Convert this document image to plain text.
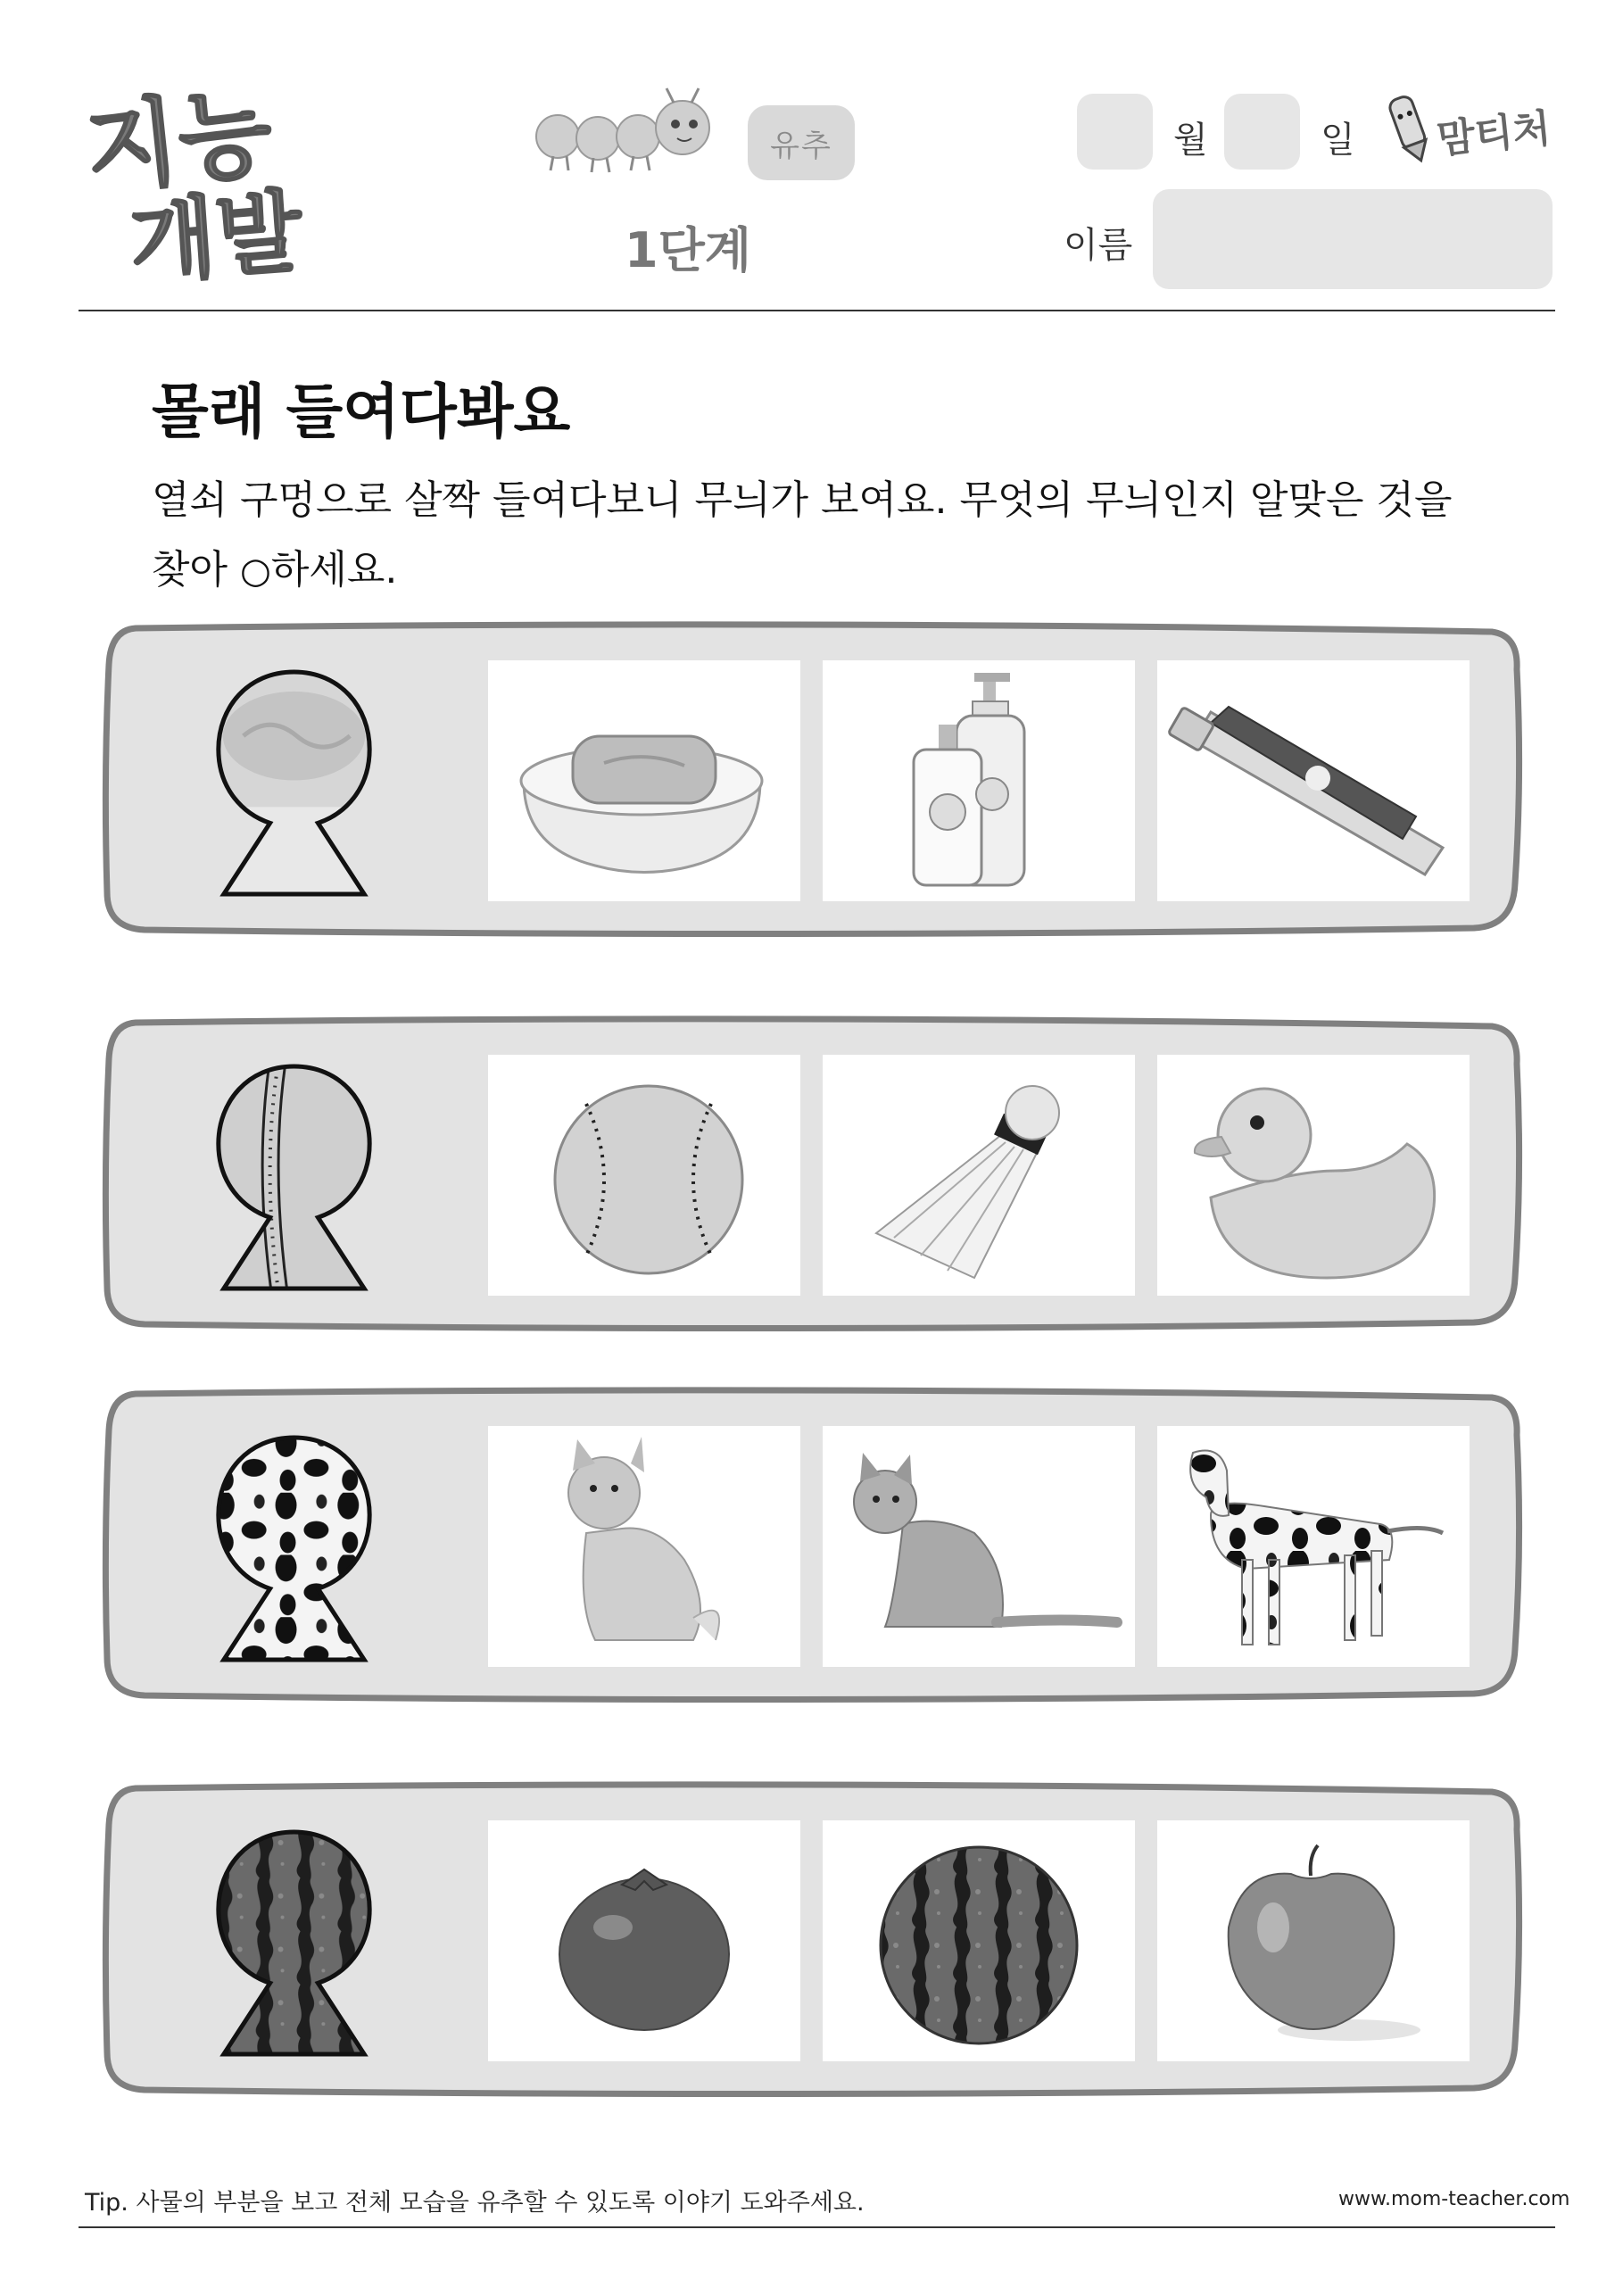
지능
개발
유추
1단계
월	일 맘티처
이름
몰래 들여다봐요
열쇠 구멍으로 살짝 들여다보니 무늬가 보여요. 무엇의 무늬인지 알맞은 것을
찾아 ○하세요.
Tip. 사물의 부분을 보고 전체 모습을 유추할 수 있도록 이야기 도와주세요.	www.mom-teacher.com
